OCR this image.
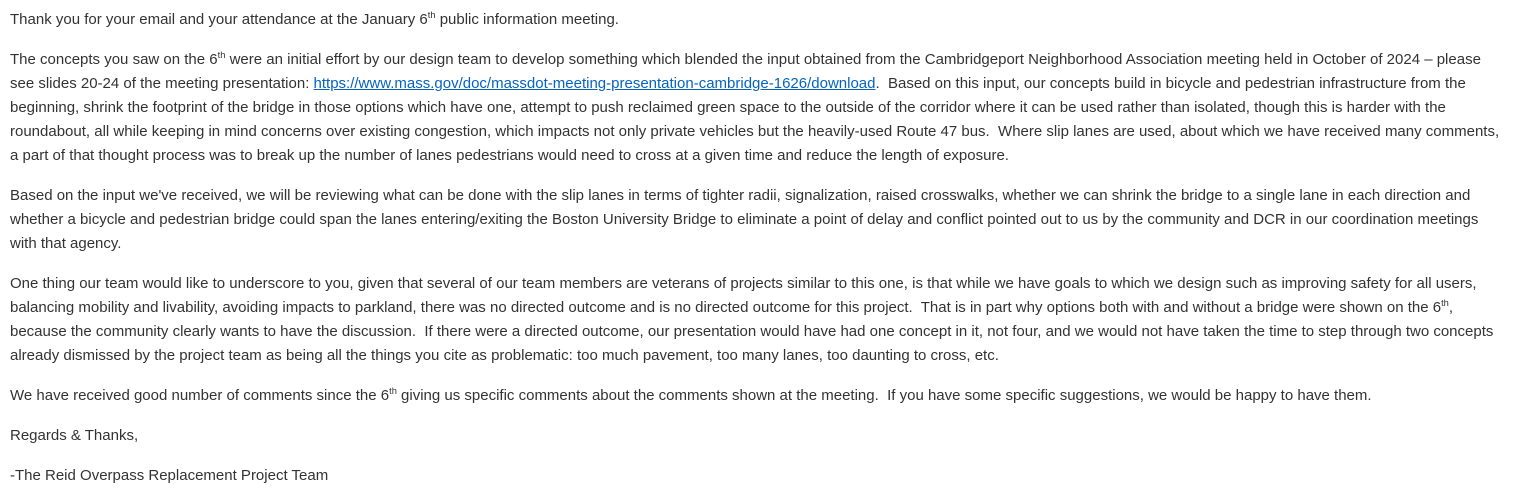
Thank you for your email and your attendance at the January 6th public information meeting.

The concepts you saw on the 6th were an initial effort by our design team to develop something which blended the input obtained from the Cambridgeport Neighborhood Association meeting held in October of 2024 – please see slides 20-24 of the meeting presentation: https://www.mass.gov/doc/massdot-meeting-presentation-cambridge-1626/download.  Based on this input, our concepts build in bicycle and pedestrian infrastructure from the beginning, shrink the footprint of the bridge in those options which have one, attempt to push reclaimed green space to the outside of the corridor where it can be used rather than isolated, though this is harder with the roundabout, all while keeping in mind concerns over existing congestion, which impacts not only private vehicles but the heavily-used Route 47 bus.  Where slip lanes are used, about which we have received many comments, a part of that thought process was to break up the number of lanes pedestrians would need to cross at a given time and reduce the length of exposure.

Based on the input we've received, we will be reviewing what can be done with the slip lanes in terms of tighter radii, signalization, raised crosswalks, whether we can shrink the bridge to a single lane in each direction and whether a bicycle and pedestrian bridge could span the lanes entering/exiting the Boston University Bridge to eliminate a point of delay and conflict pointed out to us by the community and DCR in our coordination meetings with that agency.

One thing our team would like to underscore to you, given that several of our team members are veterans of projects similar to this one, is that while we have goals to which we design such as improving safety for all users, balancing mobility and livability, avoiding impacts to parkland, there was no directed outcome and is no directed outcome for this project.  That is in part why options both with and without a bridge were shown on the 6th, because the community clearly wants to have the discussion.  If there were a directed outcome, our presentation would have had one concept in it, not four, and we would not have taken the time to step through two concepts already dismissed by the project team as being all the things you cite as problematic: too much pavement, too many lanes, too daunting to cross, etc.

We have received good number of comments since the 6th giving us specific comments about the comments shown at the meeting.  If you have some specific suggestions, we would be happy to have them.

Regards & Thanks,

-The Reid Overpass Replacement Project Team
